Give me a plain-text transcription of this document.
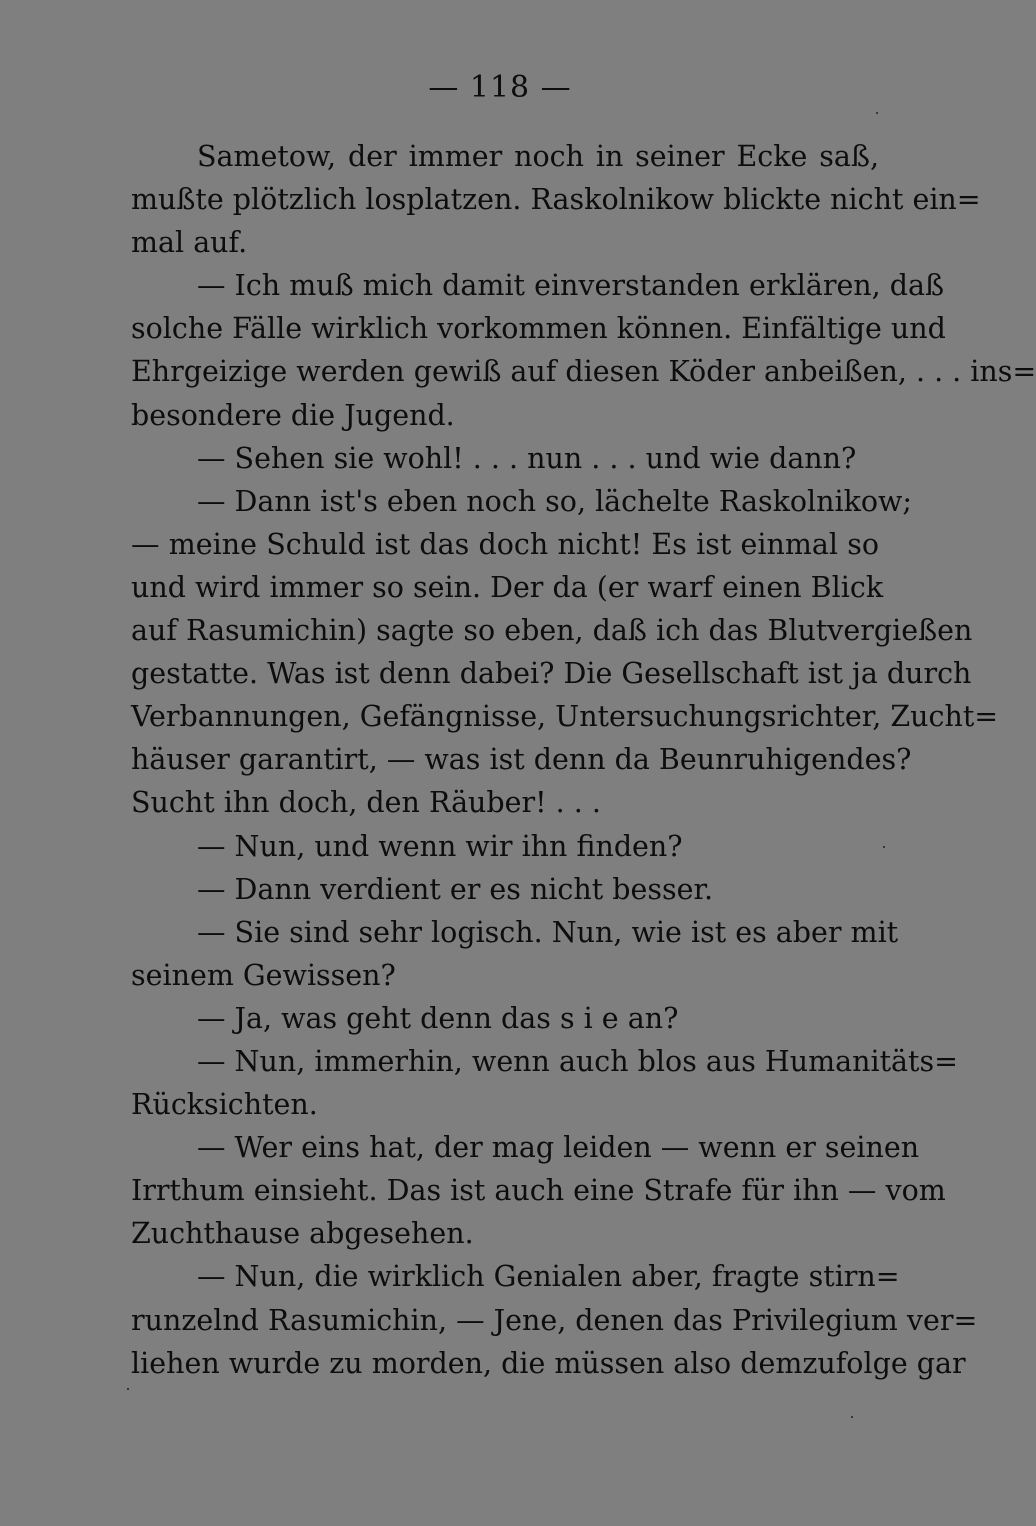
— 118 —
Sametow, der immer noch in seiner Ecke saß,
mußte plötzlich losplatzen. Raskolnikow blickte nicht ein=
mal auf.
— Ich muß mich damit einverstanden erklären, daß
solche Fälle wirklich vorkommen können. Einfältige und
Ehrgeizige werden gewiß auf diesen Köder anbeißen, . . . ins=
besondere die Jugend.
— Sehen sie wohl! . . . nun . . . und wie dann?
— Dann ist's eben noch so, lächelte Raskolnikow;
— meine Schuld ist das doch nicht! Es ist einmal so
und wird immer so sein. Der da (er warf einen Blick
auf Rasumichin) sagte so eben, daß ich das Blutvergießen
gestatte. Was ist denn dabei? Die Gesellschaft ist ja durch
Verbannungen, Gefängnisse, Untersuchungsrichter, Zucht=
häuser garantirt, — was ist denn da Beunruhigendes?
Sucht ihn doch, den Räuber! . . .
— Nun, und wenn wir ihn finden?
— Dann verdient er es nicht besser.
— Sie sind sehr logisch. Nun, wie ist es aber mit
seinem Gewissen?
— Ja, was geht denn das s i e an?
— Nun, immerhin, wenn auch blos aus Humanitäts=
Rücksichten.
— Wer eins hat, der mag leiden — wenn er seinen
Irrthum einsieht. Das ist auch eine Strafe für ihn — vom
Zuchthause abgesehen.
— Nun, die wirklich Genialen aber, fragte stirn=
runzelnd Rasumichin, — Jene, denen das Privilegium ver=
liehen wurde zu morden, die müssen also demzufolge gar
